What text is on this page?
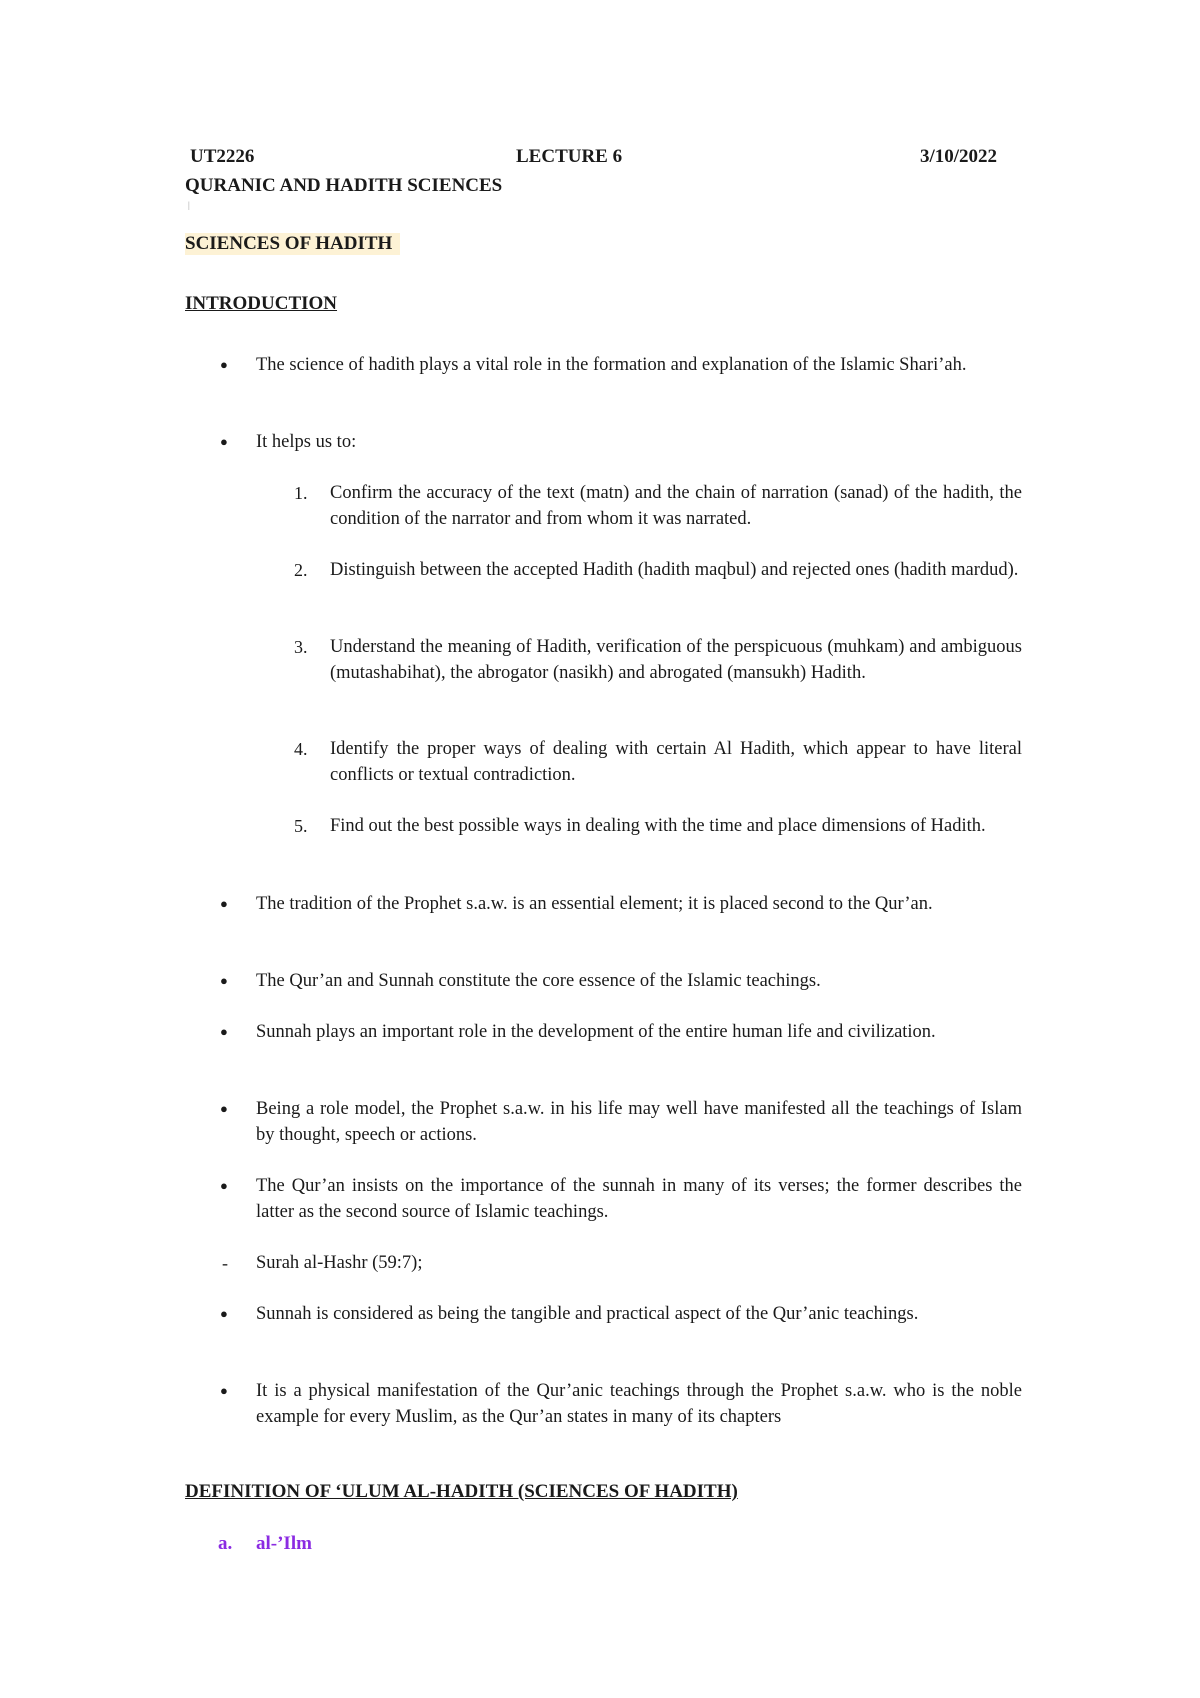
UT2226	LECTURE 6	3/10/2022
QURANIC AND HADITH SCIENCES
|
SCIENCES OF HADITH
INTRODUCTION
● The science of hadith plays a vital role in the formation and explanation of the Islamic Shari’ah.
● It helps us to:
1. Confirm the accuracy of the text (matn) and the chain of narration (sanad) of the hadith, the condition of the narrator and from whom it was narrated.
2. Distinguish between the accepted Hadith (hadith maqbul) and rejected ones (hadith mardud).
3. Understand the meaning of Hadith, verification of the perspicuous (muhkam) and ambiguous (mutashabihat), the abrogator (nasikh) and abrogated (mansukh) Hadith.
4. Identify the proper ways of dealing with certain Al Hadith, which appear to have literal conflicts or textual contradiction.
5. Find out the best possible ways in dealing with the time and place dimensions of Hadith.
● The tradition of the Prophet s.a.w. is an essential element; it is placed second to the Qur’an.
● The Qur’an and Sunnah constitute the core essence of the Islamic teachings.
● Sunnah plays an important role in the development of the entire human life and civilization.
● Being a role model, the Prophet s.a.w. in his life may well have manifested all the teachings of Islam by thought, speech or actions.
● The Qur’an insists on the importance of the sunnah in many of its verses; the former describes the latter as the second source of Islamic teachings.
- Surah al-Hashr (59:7);
● Sunnah is considered as being the tangible and practical aspect of the Qur’anic teachings.
● It is a physical manifestation of the Qur’anic teachings through the Prophet s.a.w. who is the noble example for every Muslim, as the Qur’an states in many of its chapters
DEFINITION OF ‘ULUM AL-HADITH (SCIENCES OF HADITH)
a. al-’Ilm
